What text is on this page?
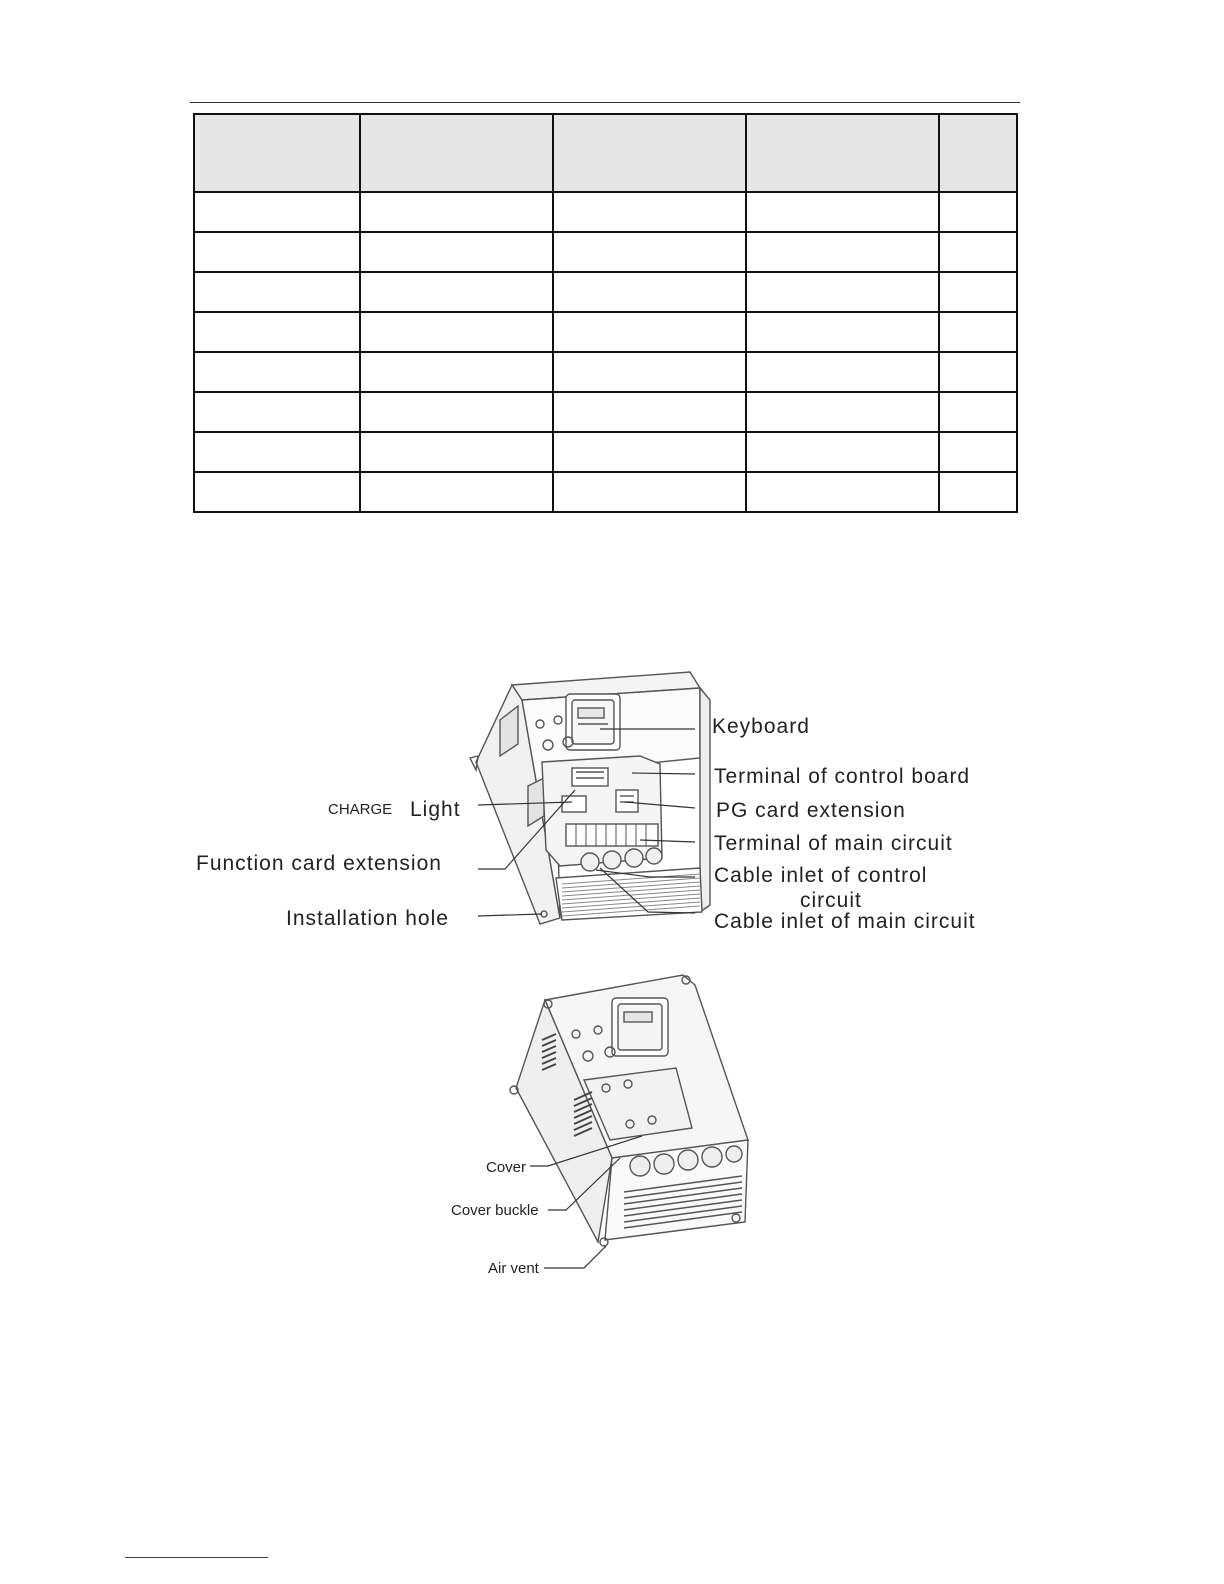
Keyboard
Terminal of control board
CHARGE Light	PG card extension
Terminal of main circuit
Function card extension
Cable inlet of control
circuit
Installation hole	Cable inlet of main circuit
Cover
Cover buckle
Air vent
